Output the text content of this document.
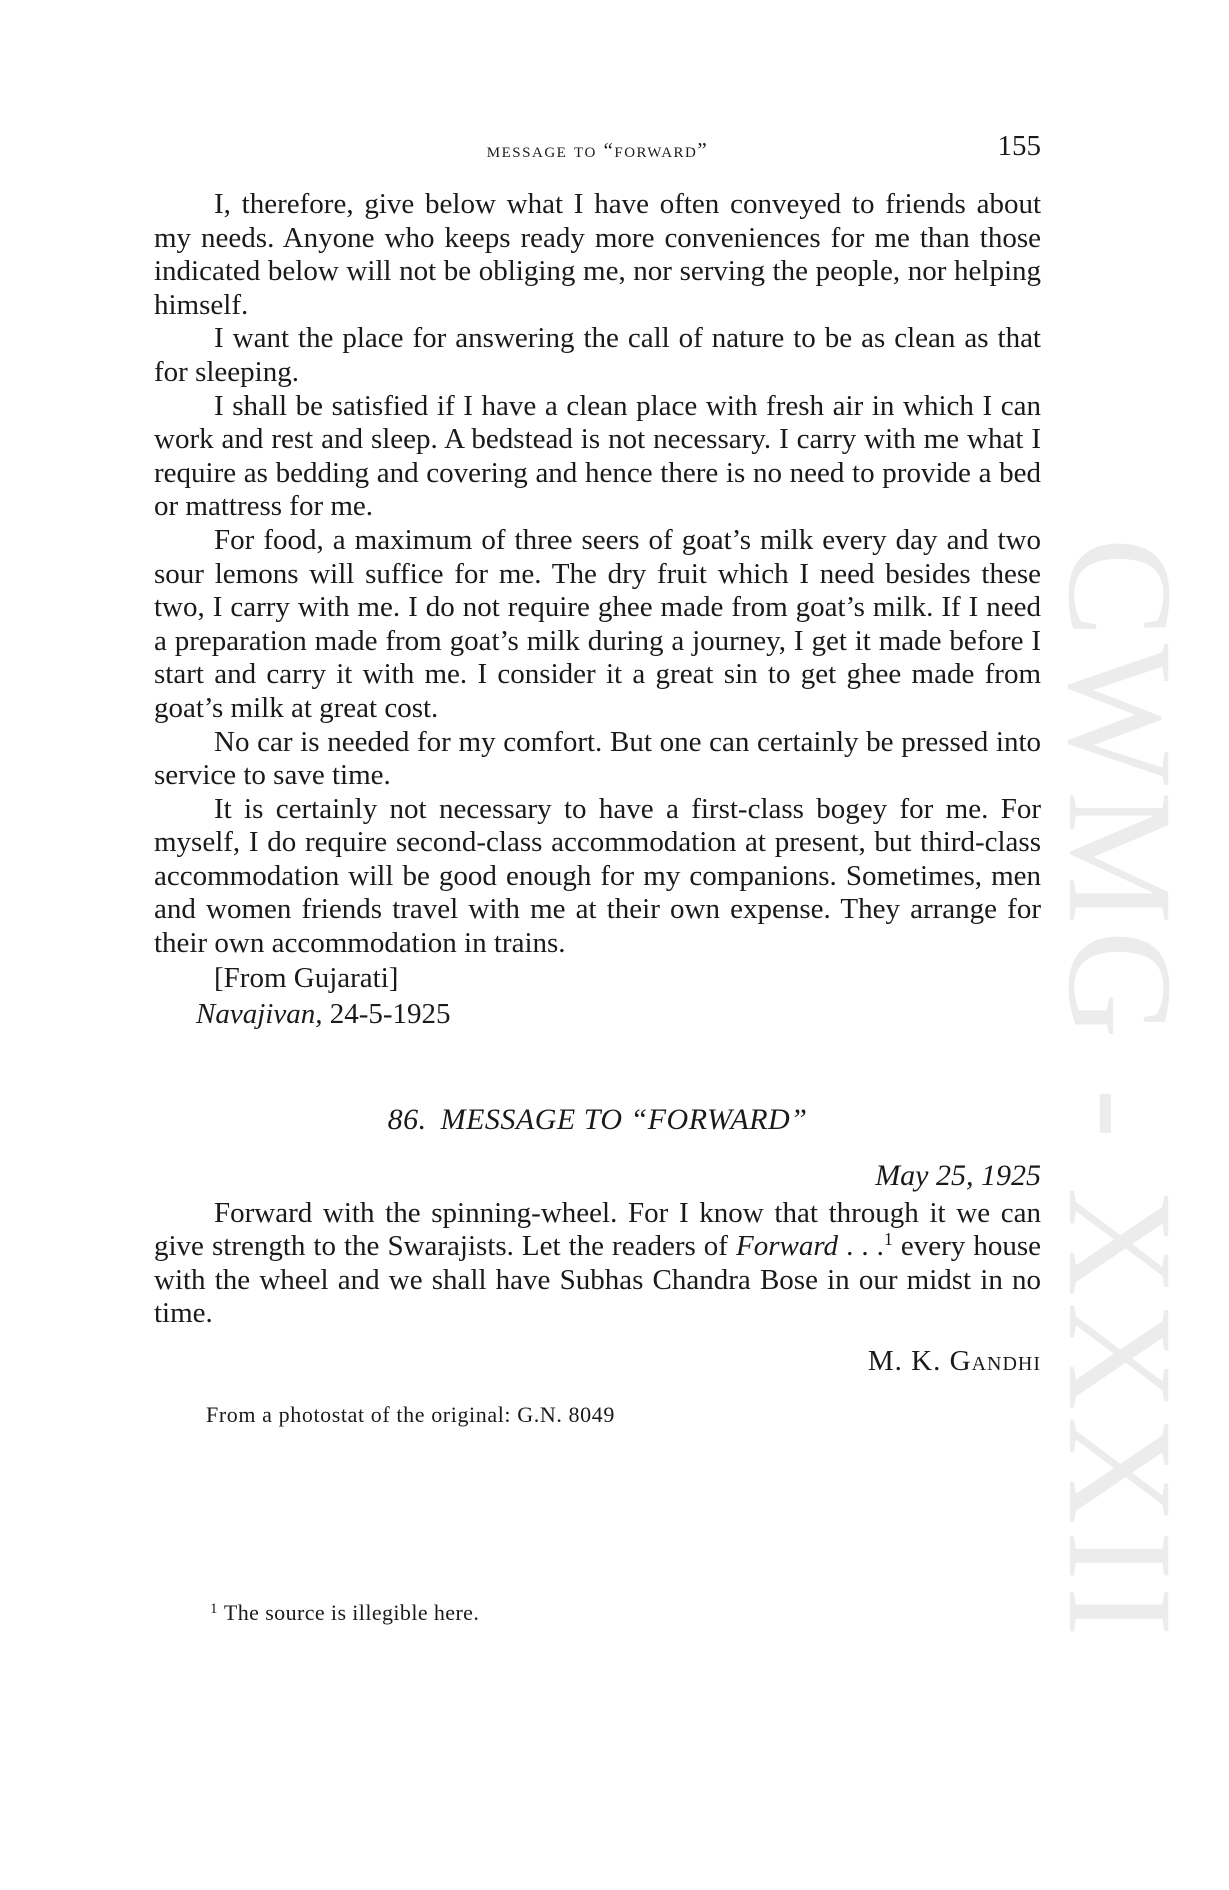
CWMG - XXXII
message to “forward”	155

I, therefore, give below what I have often conveyed to friends about my needs. Anyone who keeps ready more conveniences for me than those indicated below will not be obliging me, nor serving the people, nor helping himself.

I want the place for answering the call of nature to be as clean as that for sleeping.

I shall be satisfied if I have a clean place with fresh air in which I can work and rest and sleep. A bedstead is not necessary. I carry with me what I require as bedding and covering and hence there is no need to provide a bed or mattress for me.

For food, a maximum of three seers of goat’s milk every day and two sour lemons will suffice for me. The dry fruit which I need besides these two, I carry with me. I do not require ghee made from goat’s milk. If I need a preparation made from goat’s milk during a journey, I get it made before I start and carry it with me. I consider it a great sin to get ghee made from goat’s milk at great cost.

No car is needed for my comfort. But one can certainly be pressed into service to save time.

It is certainly not necessary to have a first-class bogey for me. For myself, I do require second-class accommodation at present, but third-class accommodation will be good enough for my companions. Sometimes, men and women friends travel with me at their own expense. They arrange for their own accommodation in trains.

[From Gujarati]

Navajivan, 24-5-1925

86. MESSAGE TO “FORWARD”
May 25, 1925

Forward with the spinning-wheel. For I know that through it we can give strength to the Swarajists. Let the readers of Forward . . .$^1$ every house with the wheel and we shall have Subhas Chandra Bose in our midst in no time.

M. K. Gandhi
From a photostat of the original: G.N. 8049
$^1$ The source is illegible here.
